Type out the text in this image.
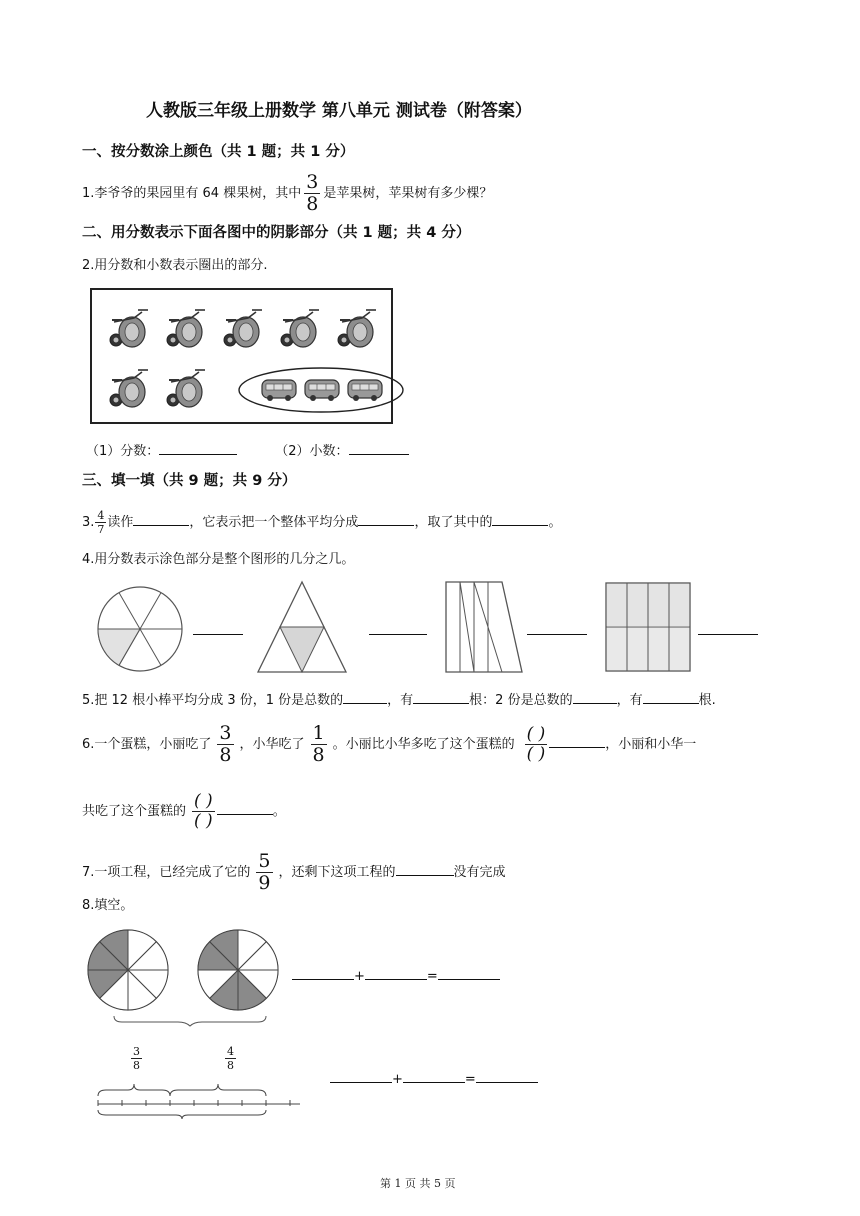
人教版三年级上册数学 第八单元 测试卷（附答案）
一、按分数涂上颜色（共 1 题；共 1 分）
1.李爷爷的果园里有 64 棵果树，其中 $\frac{3}{8}$ 是苹果树，苹果树有多少棵？
二、用分数表示下面各图中的阴影部分（共 1 题；共 4 分）
2.用分数和小数表示圈出的部分.
（1）分数：	（2）小数：
三、填一填（共 9 题；共 9 分）
3. $\frac{4}{7}$ 读作	，它表示把一个整体平均分成	，取了其中的	。
4.用分数表示涂色部分是整个图形的几分之几。
5.把 12 根小棒平均分成 3 份，1 份是总数的	，有	根：2 份是总数的	，有	根.
6.一个蛋糕，小丽吃了 $\frac{3}{8}$ ，小华吃了 $\frac{1}{8}$ 。小丽比小华多吃了这个蛋糕的 $\frac{( )}{( )}$	，小丽和小华一
共吃了这个蛋糕的 $\frac{( )}{( )}$	。
7.一项工程，已经完成了它的 $\frac{5}{9}$ ，还剩下这项工程的	没有完成
8.填空。
+	=
$\frac{3}{8}$	$\frac{4}{8}$
+	=
第 1 页 共 5 页
